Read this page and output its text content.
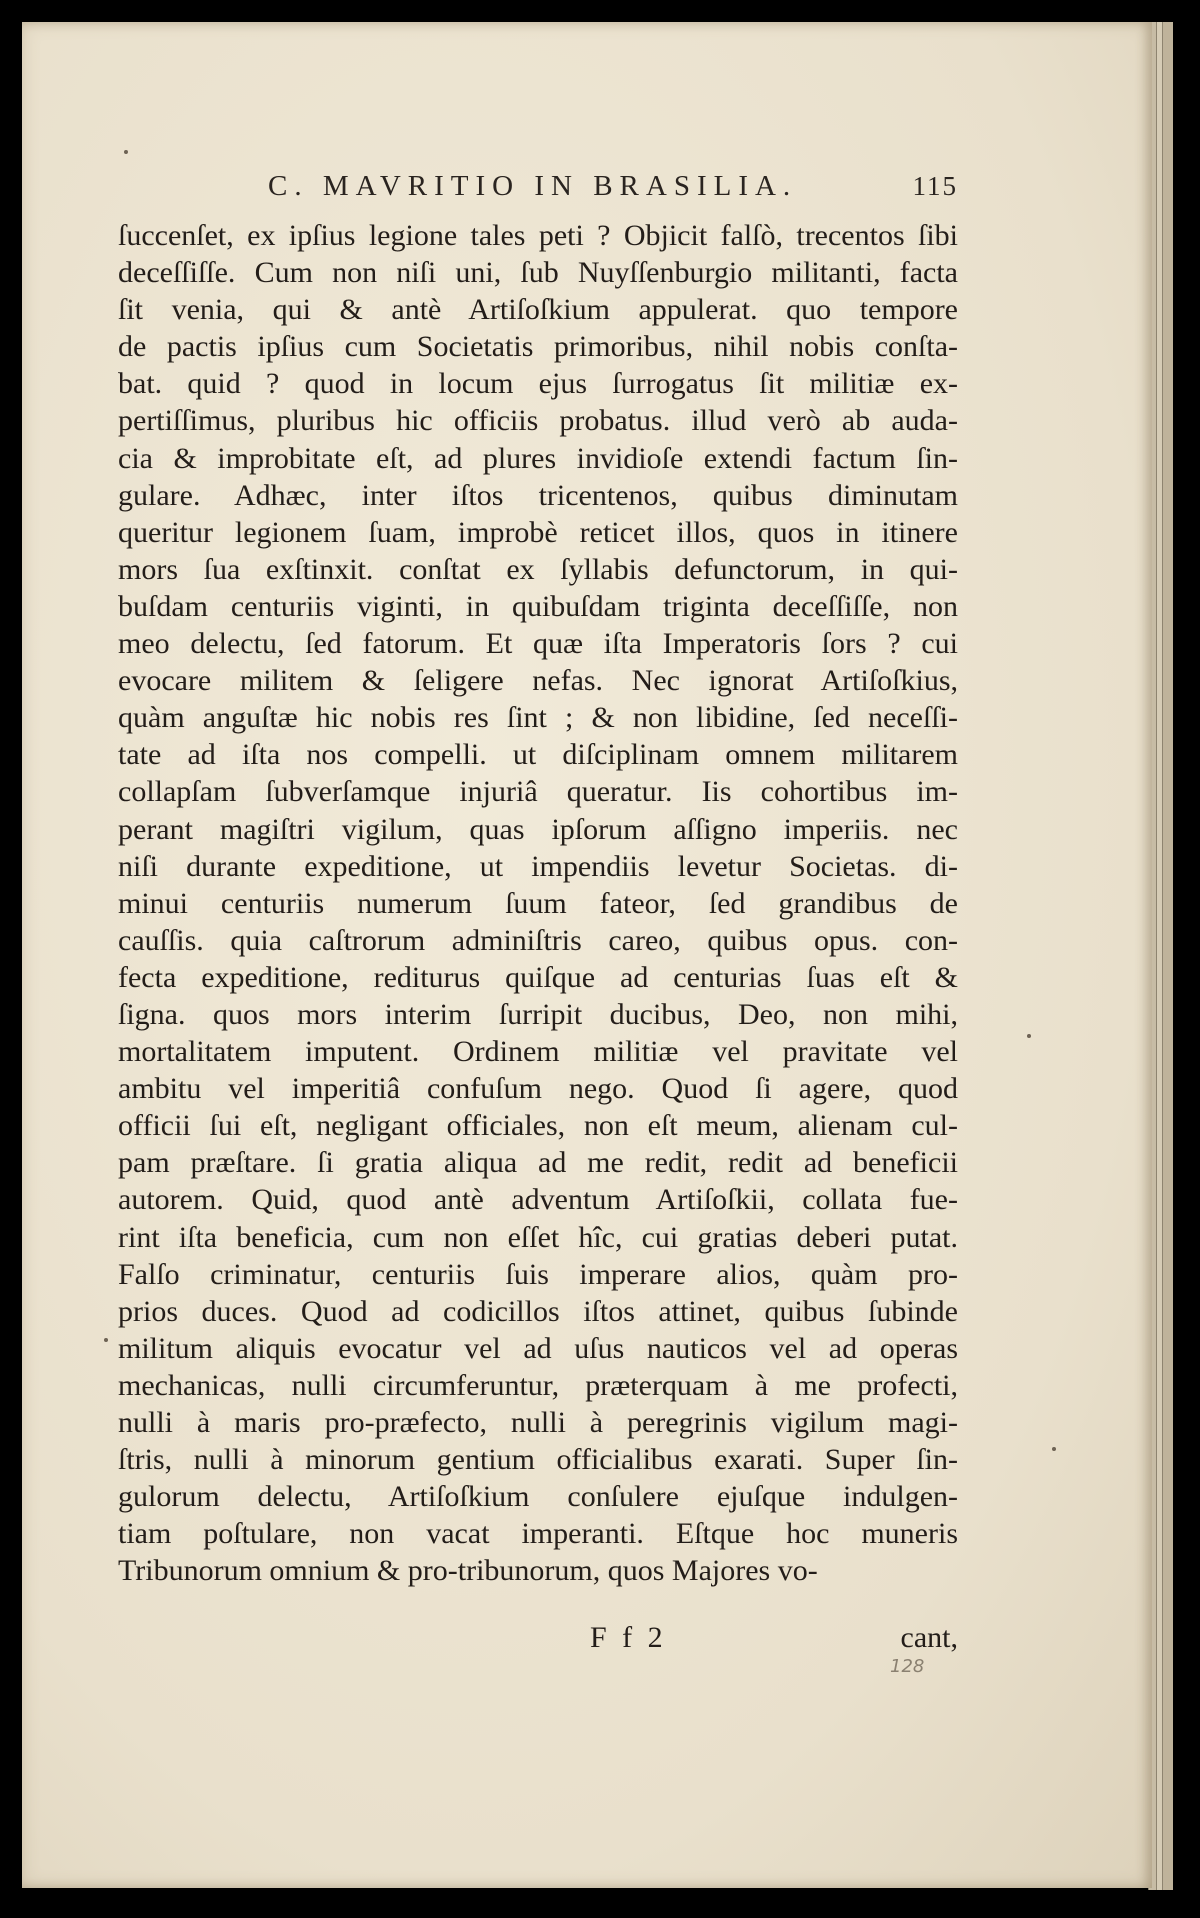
C. MAVRITIO IN BRASILIA.	115
ſuccenſet, ex ipſius legione tales peti ? Objicit falſò, trecentos ſibi
deceſſiſſe. Cum non niſi uni, ſub Nuyſſenburgio militanti, facta
ſit venia, qui & antè Artiſoſkium appulerat. quo tempore
de pactis ipſius cum Societatis primoribus, nihil nobis conſta-
bat. quid ? quod in locum ejus ſurrogatus ſit militiæ ex-
pertiſſimus, pluribus hic officiis probatus. illud verò ab auda-
cia & improbitate eſt, ad plures invidioſe extendi factum ſin-
gulare. Adhæc, inter iſtos tricentenos, quibus diminutam
queritur legionem ſuam, improbè reticet illos, quos in itinere
mors ſua exſtinxit. conſtat ex ſyllabis defunctorum, in qui-
buſdam centuriis viginti, in quibuſdam triginta deceſſiſſe, non
meo delectu, ſed fatorum. Et quæ iſta Imperatoris ſors ? cui
evocare militem & ſeligere nefas. Nec ignorat Artiſoſkius,
quàm anguſtæ hic nobis res ſint ; & non libidine, ſed neceſſi-
tate ad iſta nos compelli. ut diſciplinam omnem militarem
collapſam ſubverſamque injuriâ queratur. Iis cohortibus im-
perant magiſtri vigilum, quas ipſorum aſſigno imperiis. nec
niſi durante expeditione, ut impendiis levetur Societas. di-
minui centuriis numerum ſuum fateor, ſed grandibus de
cauſſis. quia caſtrorum adminiſtris careo, quibus opus. con-
fecta expeditione, rediturus quiſque ad centurias ſuas eſt &
ſigna. quos mors interim ſurripit ducibus, Deo, non mihi,
mortalitatem imputent. Ordinem militiæ vel pravitate vel
ambitu vel imperitiâ confuſum nego. Quod ſi agere, quod
officii ſui eſt, negligant officiales, non eſt meum, alienam cul-
pam præſtare. ſi gratia aliqua ad me redit, redit ad beneficii
autorem. Quid, quod antè adventum Artiſoſkii, collata fue-
rint iſta beneficia, cum non eſſet hîc, cui gratias deberi putat.
Falſo criminatur, centuriis ſuis imperare alios, quàm pro-
prios duces. Quod ad codicillos iſtos attinet, quibus ſubinde
militum aliquis evocatur vel ad uſus nauticos vel ad operas
mechanicas, nulli circumferuntur, præterquam à me profecti,
nulli à maris pro-præfecto, nulli à peregrinis vigilum magi-
ſtris, nulli à minorum gentium officialibus exarati. Super ſin-
gulorum delectu, Artiſoſkium conſulere ejuſque indulgen-
tiam poſtulare, non vacat imperanti. Eſtque hoc muneris
Tribunorum omnium & pro-tribunorum, quos Majores vo-
F f 2	cant,
128
